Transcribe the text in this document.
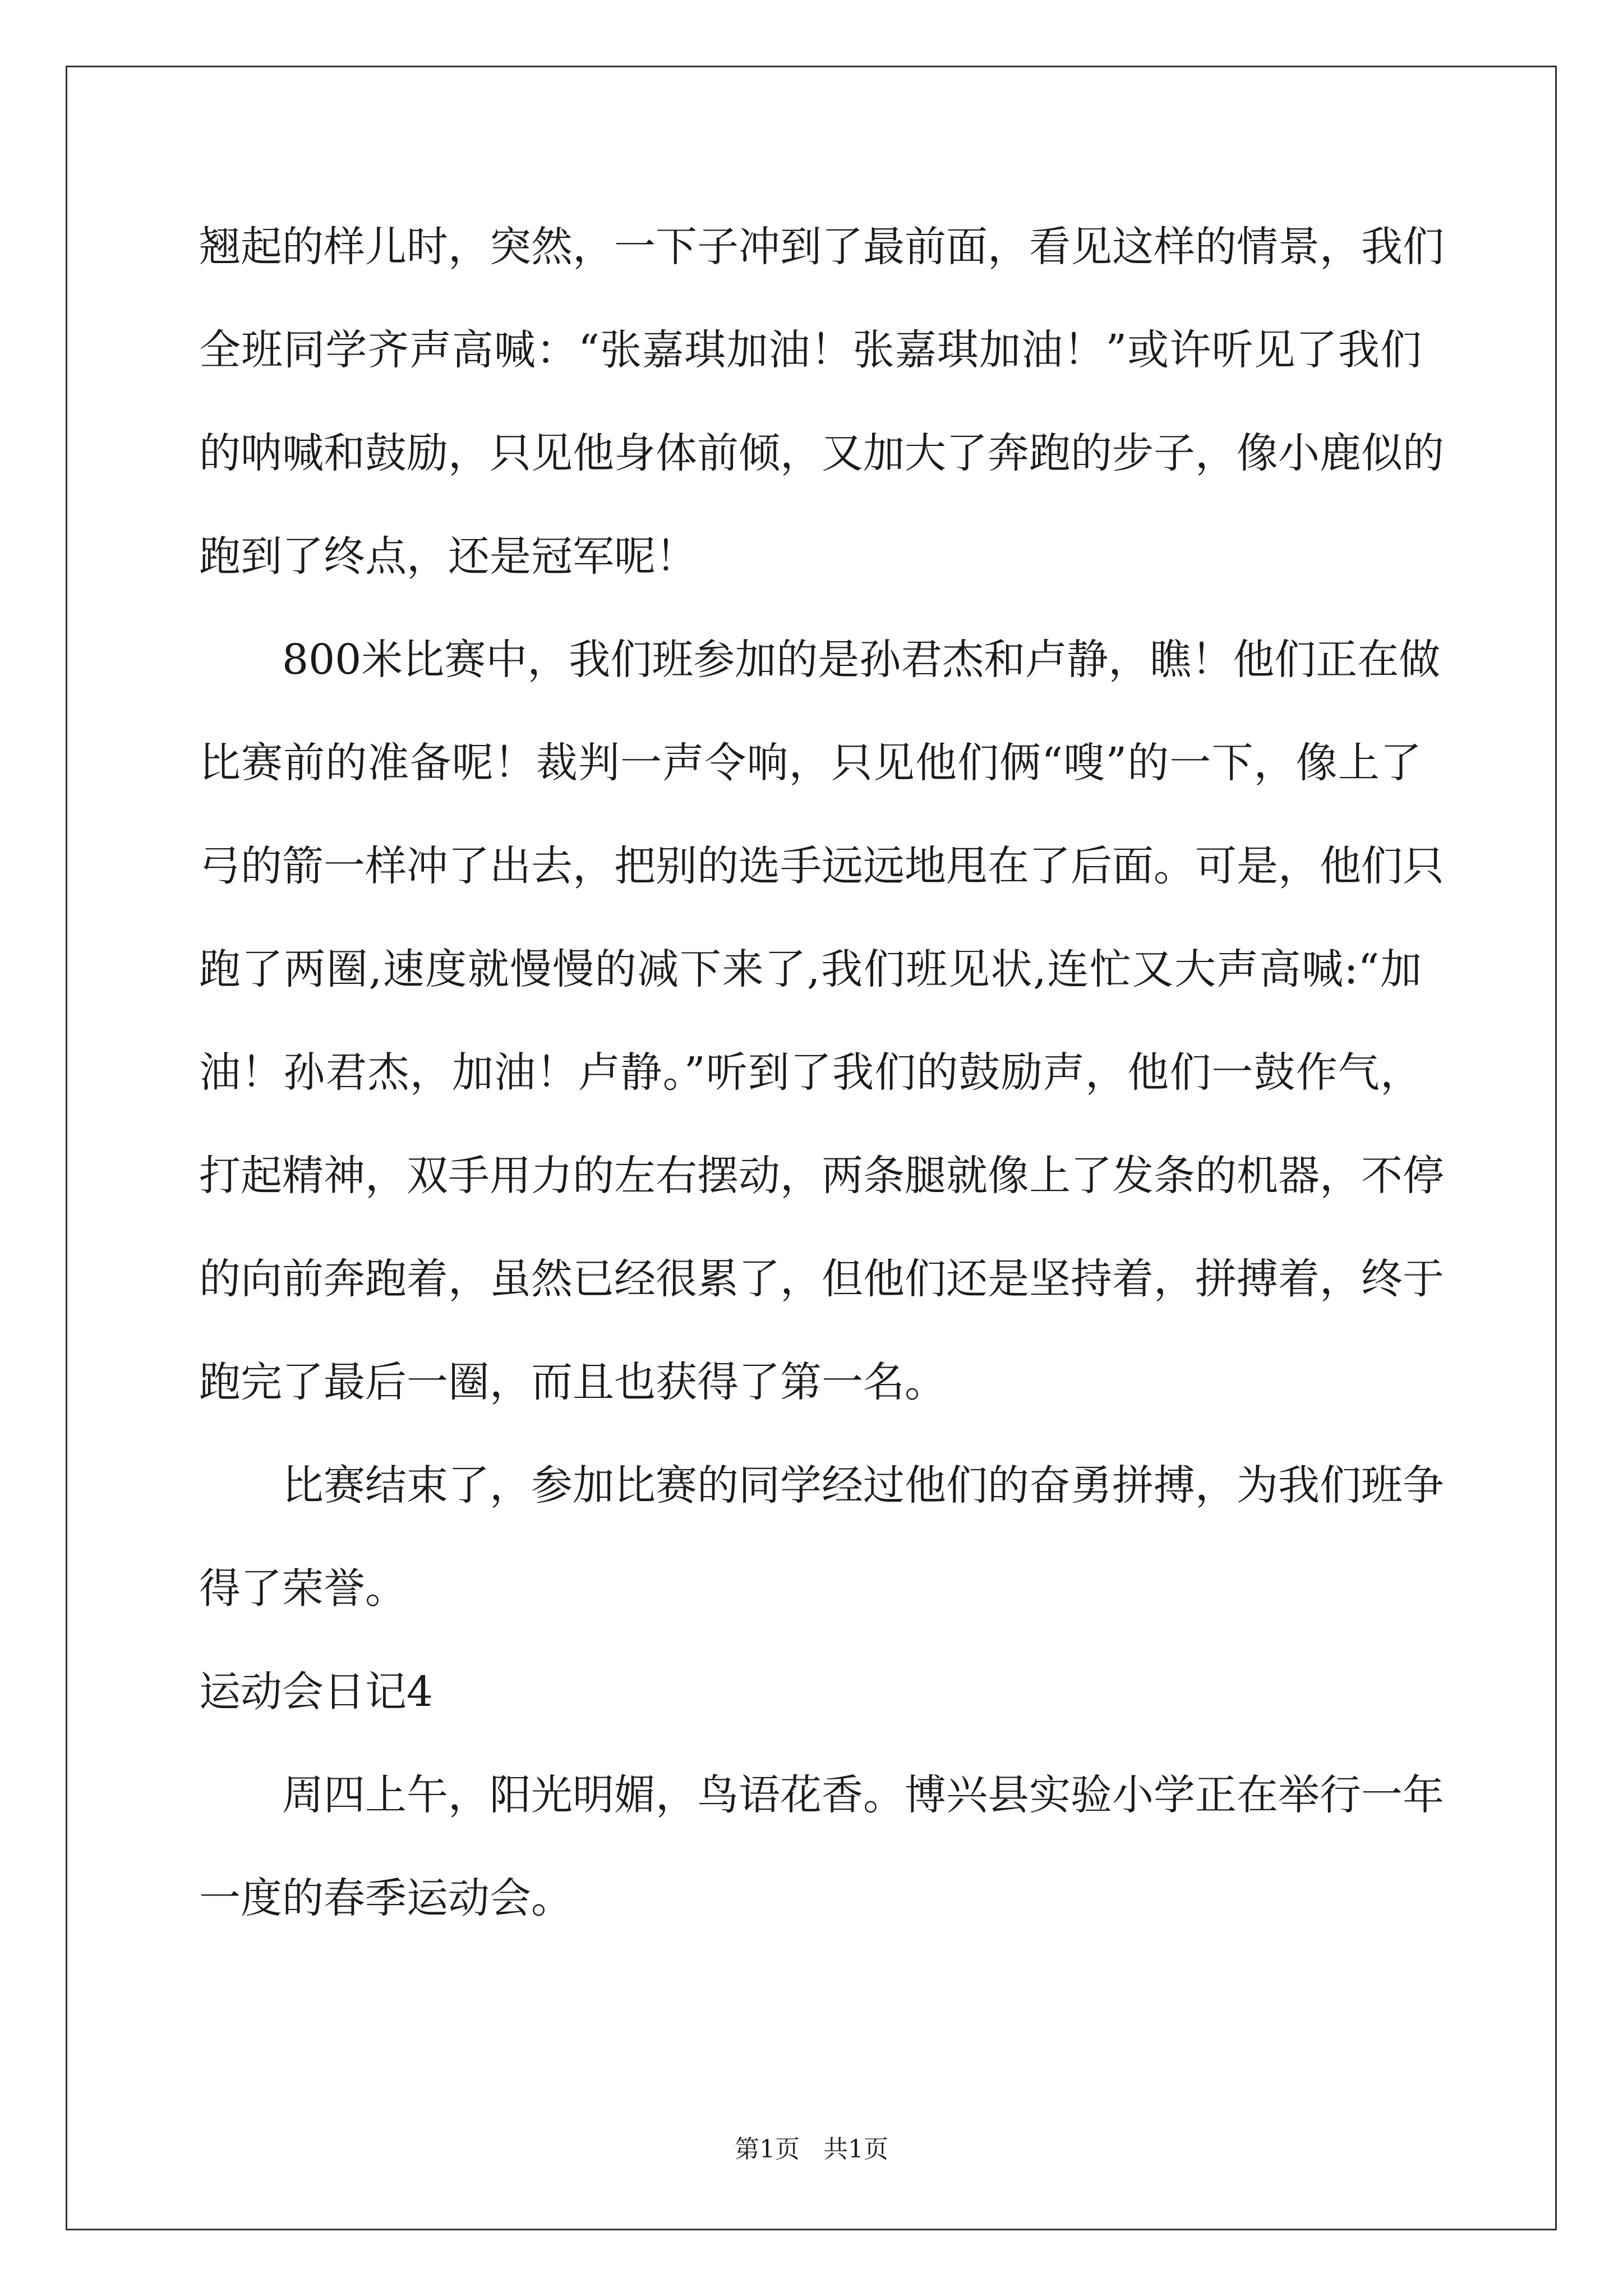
翘起的样儿时，突然，一下子冲到了最前面，看见这样的情景，我们
全班同学齐声高喊：“张嘉琪加油！张嘉琪加油！”或许听见了我们
的呐喊和鼓励，只见他身体前倾，又加大了奔跑的步子，像小鹿似的
跑到了终点，还是冠军呢！
800米比赛中，我们班参加的是孙君杰和卢静，瞧！他们正在做
比赛前的准备呢！裁判一声令响，只见他们俩“嗖”的一下，像上了
弓的箭一样冲了出去，把别的选手远远地甩在了后面。可是，他们只
跑了两圈,速度就慢慢的减下来了,我们班见状,连忙又大声高喊:“加
油！孙君杰，加油！卢静。”听到了我们的鼓励声，他们一鼓作气，
打起精神，双手用力的左右摆动，两条腿就像上了发条的机器，不停
的向前奔跑着，虽然已经很累了，但他们还是坚持着，拼搏着，终于
跑完了最后一圈，而且也获得了第一名。
比赛结束了，参加比赛的同学经过他们的奋勇拼搏，为我们班争
得了荣誉。
运动会日记4
周四上午，阳光明媚，鸟语花香。博兴县实验小学正在举行一年
一度的春季运动会。
第1页   共1页
